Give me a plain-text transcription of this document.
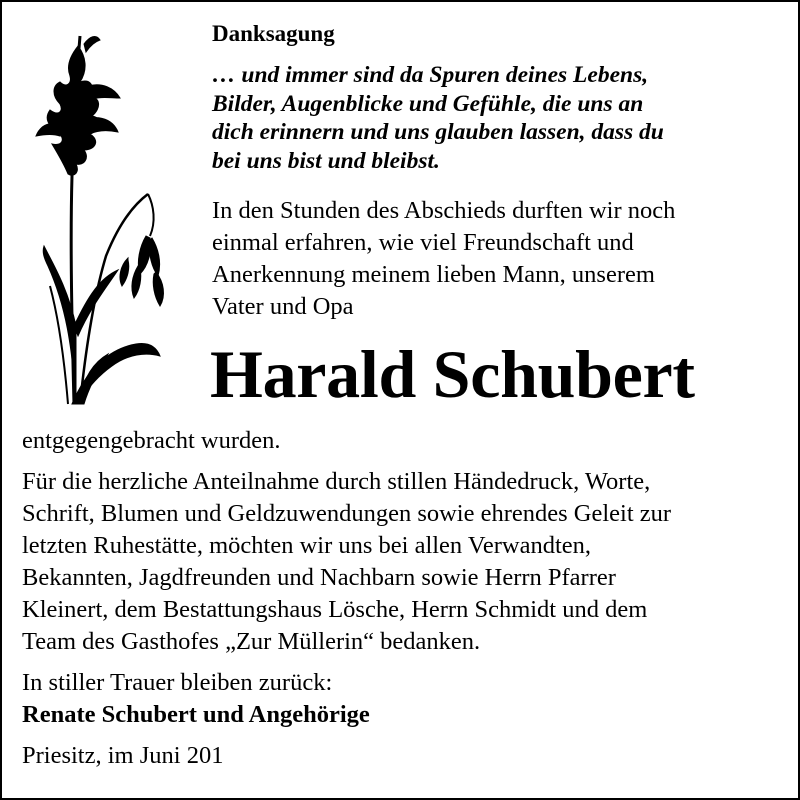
Danksagung
… und immer sind da Spuren deines Lebens,
Bilder, Augenblicke und Gefühle, die uns an
dich erinnern und uns glauben lassen, dass du
bei uns bist und bleibst.
In den Stunden des Abschieds durften wir noch
einmal erfahren, wie viel Freundschaft und
Anerkennung meinem lieben Mann, unserem
Vater und Opa
Harald Schubert
entgegengebracht wurden.
Für die herzliche Anteilnahme durch stillen Händedruck, Worte,
Schrift, Blumen und Geldzuwendungen sowie ehrendes Geleit zur
letzten Ruhestätte, möchten wir uns bei allen Verwandten,
Bekannten, Jagdfreunden und Nachbarn sowie Herrn Pfarrer
Kleinert, dem Bestattungshaus Lösche, Herrn Schmidt und dem
Team des Gasthofes „Zur Müllerin“ bedanken.
In stiller Trauer bleiben zurück:
Renate Schubert und Angehörige
Priesitz, im Juni 201
